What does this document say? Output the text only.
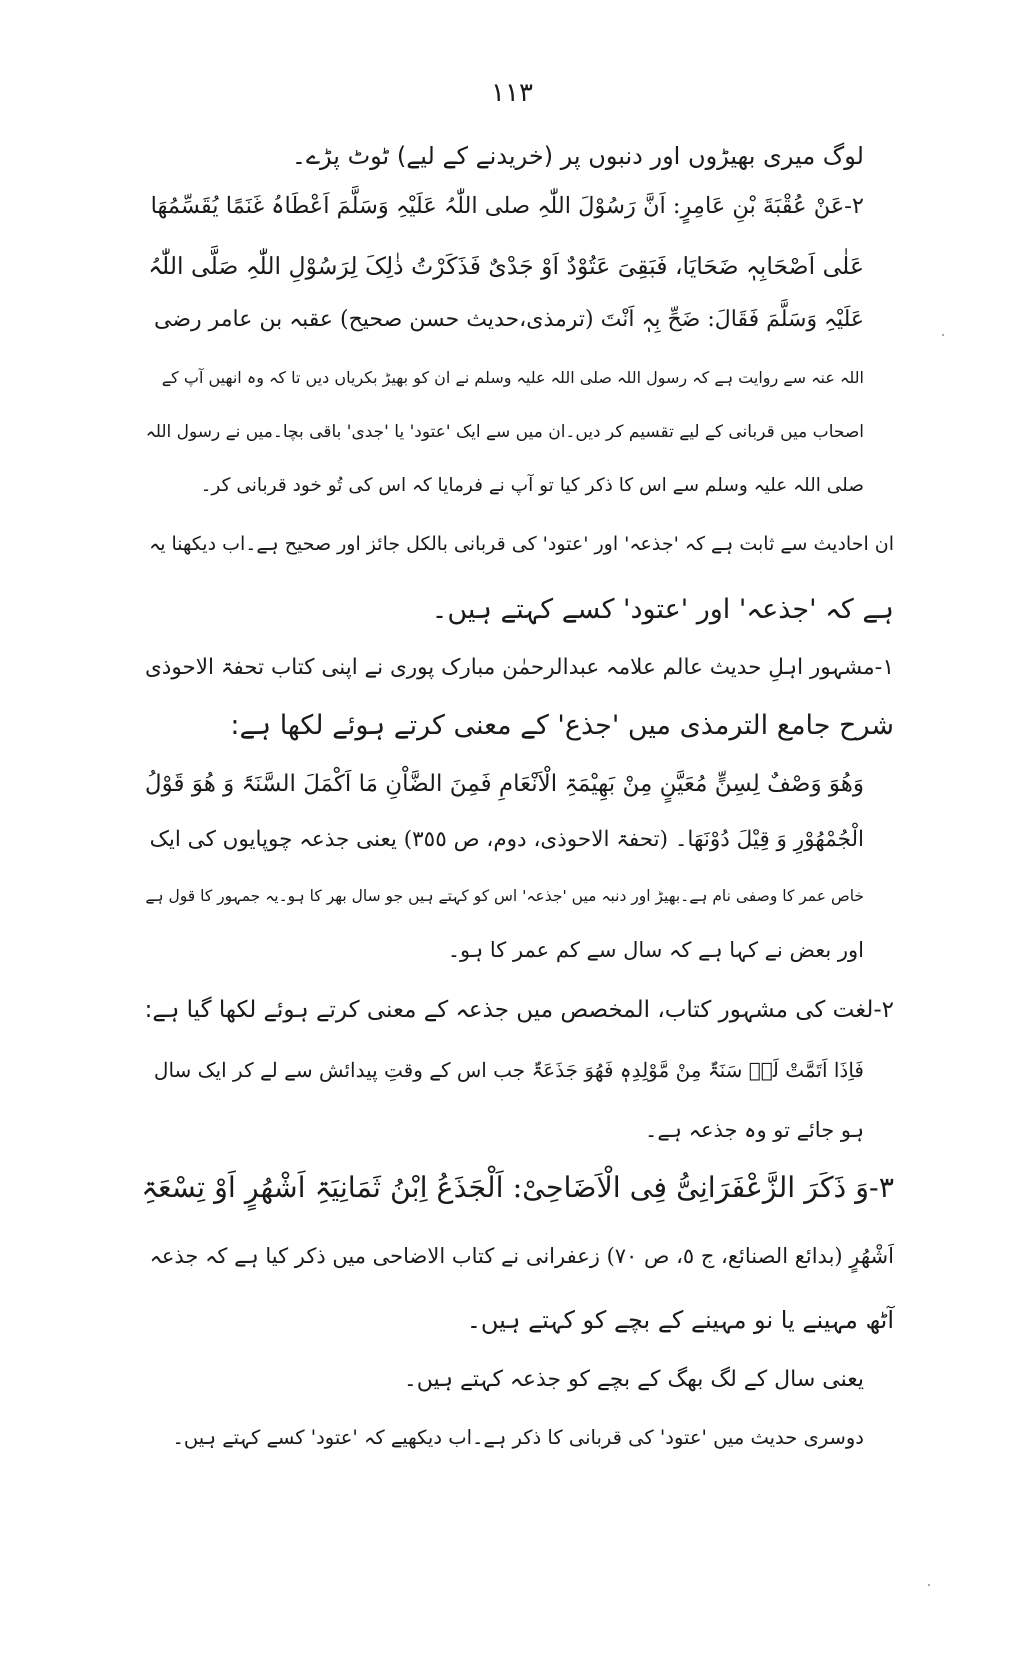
١١٣
لوگ میری بھیڑوں اور دنبوں پر (خریدنے کے لیے) ٹوٹ پڑے۔
٢-عَنْ عُقْبَةَ بْنِ عَامِرٍ: اَنَّ رَسُوْلَ اللّٰہِ صلی اللّٰہُ عَلَیْہِ وَسَلَّمَ اَعْطَاہُ غَنَمًا یُقَسِّمُھَا
عَلٰی اَصْحَابِہٖ ضَحَایَا، فَبَقِیَ عَتُوْدٌ اَوْ جَدْیٌ فَذَکَرْتُ ذٰلِکَ لِرَسُوْلِ اللّٰہِ صَلَّی اللّٰہُ
عَلَیْہِ وَسَلَّمَ فَقَالَ: ضَحِّ بِہٖ اَنْتَ (ترمذی،حدیث حسن صحیح) عقبہ بن عامر رضی
اللہ عنہ سے روایت ہے کہ رسول اللہ صلی اللہ علیہ وسلم نے ان کو بھیڑ بکریاں دیں تا کہ وہ انھیں آپ کے
اصحاب میں قربانی کے لیے تقسیم کر دیں۔ان میں سے ایک 'عتود' یا 'جدی' باقی بچا۔میں نے رسول اللہ
صلی اللہ علیہ وسلم سے اس کا ذکر کیا تو آپ نے فرمایا کہ اس کی تُو خود قربانی کر۔
ان احادیث سے ثابت ہے کہ 'جذعہ' اور 'عتود' کی قربانی بالکل جائز اور صحیح ہے۔اب دیکھنا یہ
ہے کہ 'جذعہ' اور 'عتود' کسے کہتے ہیں۔
١-مشہور اہلِ حدیث عالم علامہ عبدالرحمٰن مبارک پوری نے اپنی کتاب تحفۃ الاحوذی
شرح جامع الترمذی میں 'جذع' کے معنی کرتے ہوئے لکھا ہے:
وَھُوَ وَصْفٌ لِسِنٍّ مُعَیَّنٍ مِنْ بَھِیْمَۃِ الْاَنْعَامِ فَمِنَ الضَّاْنِ مَا اَکْمَلَ السَّنَۃَ وَ ھُوَ قَوْلُ
الْجُمْھُوْرِ وَ قِیْلَ دُوْنَھَا۔ (تحفۃ الاحوذی، دوم، ص ٣٥٥) یعنی جذعہ چوپایوں کی ایک
خاص عمر کا وصفی نام ہے۔بھیڑ اور دنبہ میں 'جذعہ' اس کو کہتے ہیں جو سال بھر کا ہو۔یہ جمہور کا قول ہے
اور بعض نے کہا ہے کہ سال سے کم عمر کا ہو۔
٢-لغت کی مشہور کتاب، المخصص میں جذعہ کے معنی کرتے ہوئے لکھا گیا ہے:
فَاِذَا اَتَمَّتْ لَہٗ سَنَۃٌ مِنْ مَّوْلِدِہٖ فَھُوَ جَذَعَۃٌ جب اس کے وقتِ پیدائش سے لے کر ایک سال
ہو جائے تو وہ جذعہ ہے۔
٣-وَ ذَکَرَ الزَّعْفَرَانِیُّ فِی الْاَضَاحِیْ: اَلْجَذَعُ اِبْنُ ثَمَانِیَۃِ اَشْھُرٍ اَوْ تِسْعَۃِ
اَشْھُرٍ (بدائع الصنائع، ج ٥، ص ٧٠) زعفرانی نے کتاب الاضاحی میں ذکر کیا ہے کہ جذعہ
آٹھ مہینے یا نو مہینے کے بچے کو کہتے ہیں۔
یعنی سال کے لگ بھگ کے بچے کو جذعہ کہتے ہیں۔
دوسری حدیث میں 'عتود' کی قربانی کا ذکر ہے۔اب دیکھیے کہ 'عتود' کسے کہتے ہیں۔
